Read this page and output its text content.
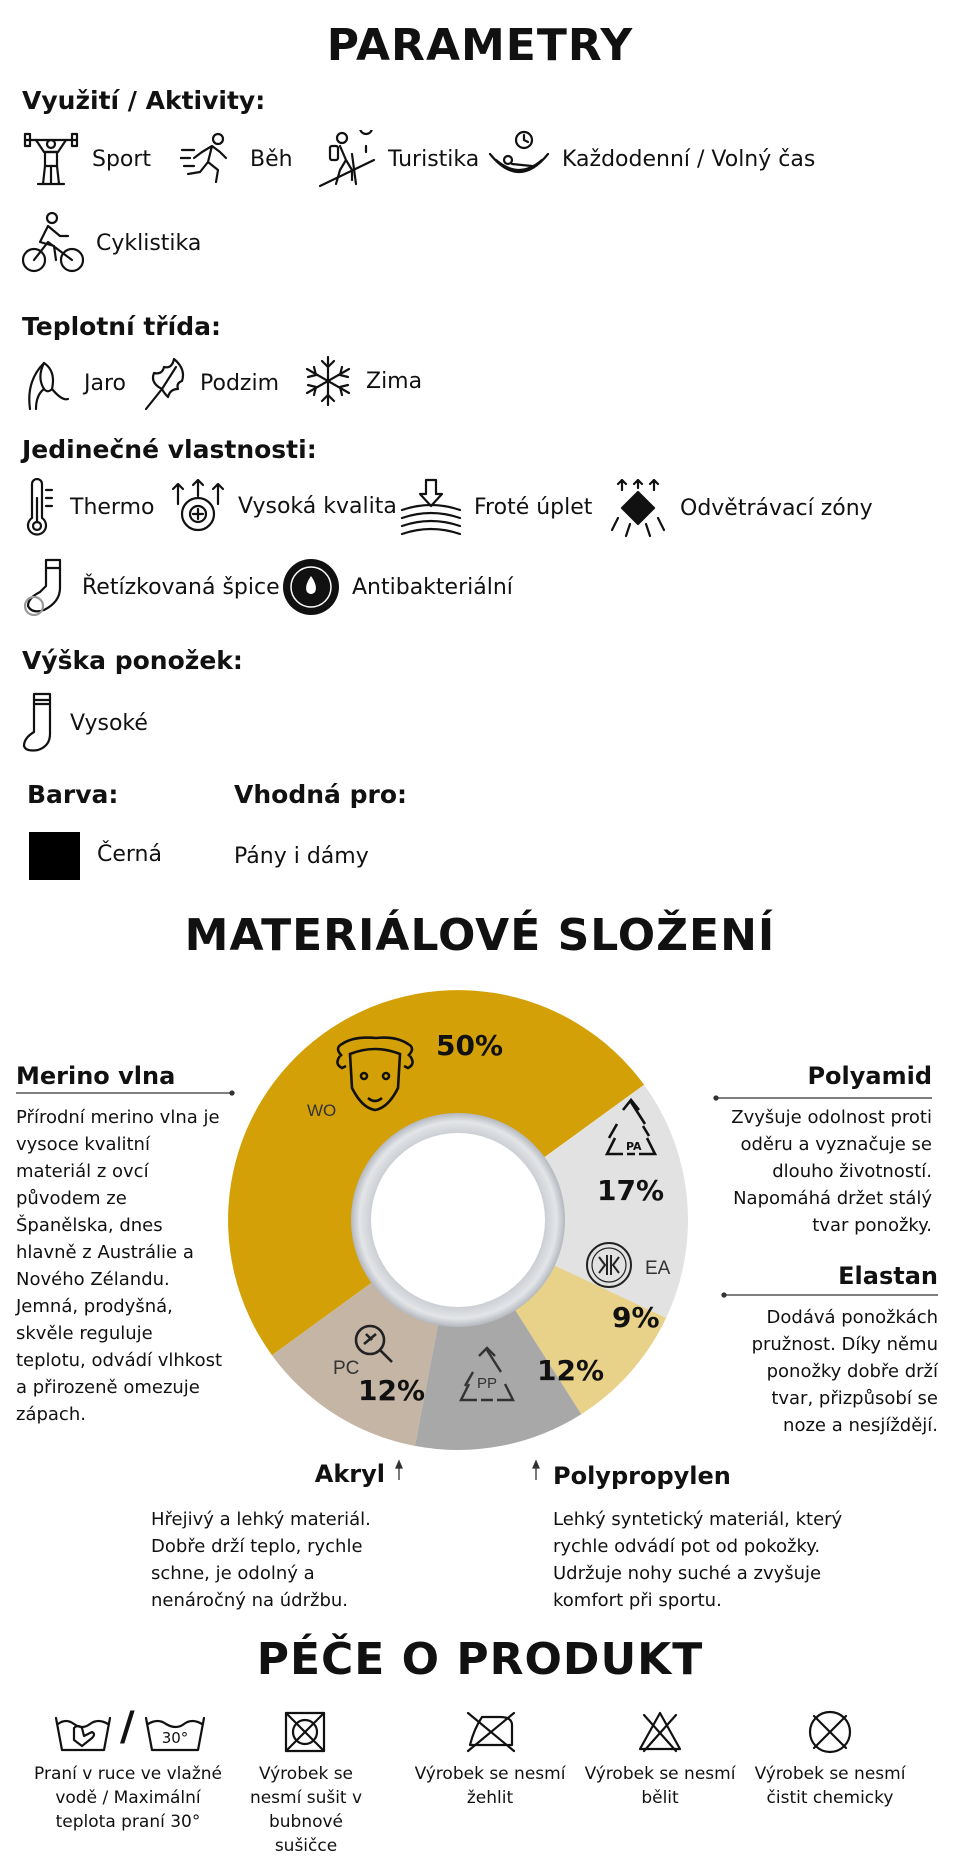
PARAMETRY
Využití / Aktivity:
Sport	Běh	Turistika	Každodenní / Volný čas
Cyklistika
Teplotní třída:
Jaro	Podzim	Zima
Jedinečné vlastnosti:
Thermo	Vysoká kvalita	Froté úplet	Odvětrávací zóny
Řetízkovaná špice	Antibakteriální
Výška ponožek:
Vysoké
Barva:
Černá
Vhodná pro:
Pány i dámy
MATERIÁLOVÉ SLOŽENÍ
WO
PA
EA
PC
PP
50%
17%
9%
12%
12%
Merino vlna
Přírodní merino vlna je vysoce kvalitní materiál z ovcí původem ze Španělska, dnes hlavně z Austrálie a Nového Zélandu. Jemná, prodyšná, skvěle reguluje teplotu, odvádí vlhkost a přirozeně omezuje zápach.
Polyamid
Zvyšuje odolnost proti oděru a vyznačuje se dlouho životností. Napomáhá držet stálý tvar ponožky.
Elastan
Dodává ponožkách pružnost. Díky němu ponožky dobře drží tvar, přizpůsobí se noze a nesjíždějí.
Akryl
Hřejivý a lehký materiál. Dobře drží teplo, rychle schne, je odolný a nenáročný na údržbu.
Polypropylen
Lehký syntetický materiál, který rychle odvádí pot od pokožky. Udržuje nohy suché a zvyšuje komfort při sportu.
PÉČE O PRODUKT
/ 30°
Praní v ruce ve vlažné vodě / Maximální teplota praní 30°
Výrobek se nesmí sušit v bubnové sušičce
Výrobek se nesmí žehlit
Výrobek se nesmí bělit
Výrobek se nesmí čistit chemicky
